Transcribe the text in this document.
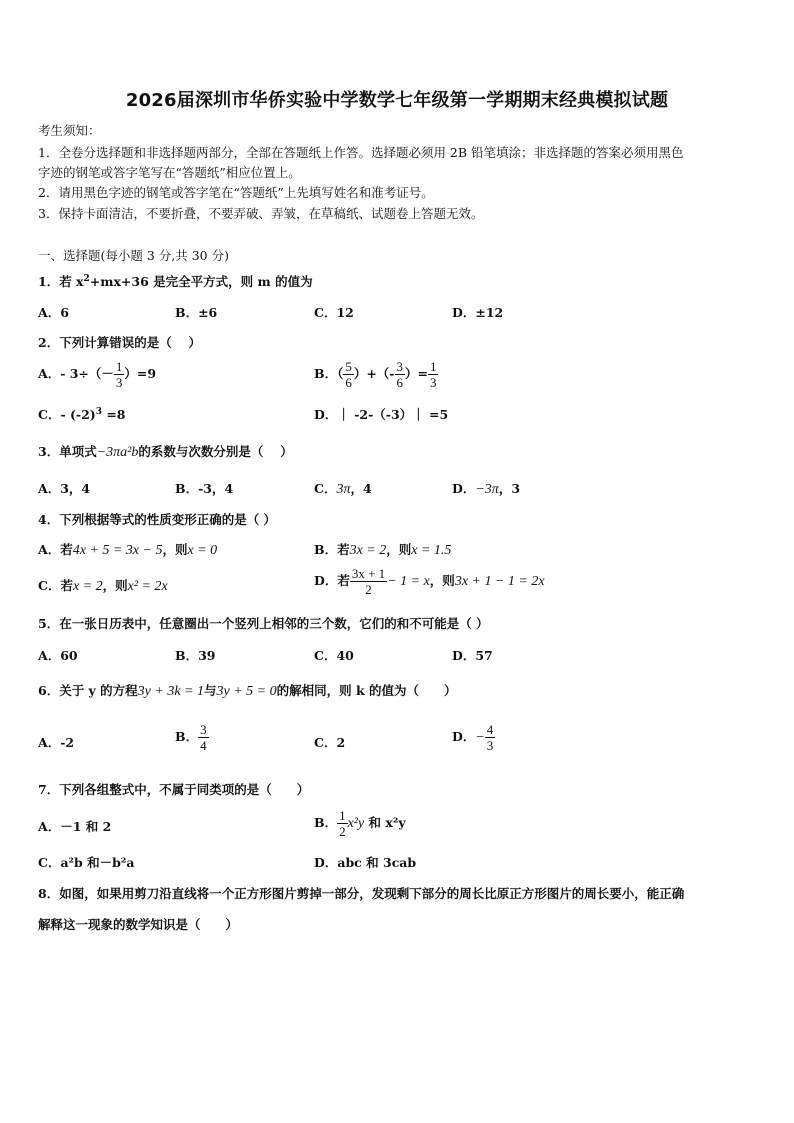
2026届深圳市华侨实验中学数学七年级第一学期期末经典模拟试题
考生须知：
1．全卷分选择题和非选择题两部分，全部在答题纸上作答。选择题必须用 2B 铅笔填涂；非选择题的答案必须用黑色
字迹的钢笔或答字笔写在“答题纸”相应位置上。
2．请用黑色字迹的钢笔或答字笔在“答题纸”上先填写姓名和准考证号。
3．保持卡面清洁，不要折叠，不要弄破、弄皱，在草稿纸、试题卷上答题无效。
一、选择题(每小题 3 分,共 30 分)
1．若 $x^2+mx+36$ 是完全平方式，则 m 的值为
A．6	B．±6	C．12	D．±12
2．下列计算错误的是（　 ）
A．- $3\div(- \frac{1}{3} )=9$	B．（ $\frac{5}{6}$ ）+（- $\frac{3}{6}$ ）= $\frac{1}{3}$
C．- $(-2)^3 =8$	D．｜ -2-（-3）｜ =5
3．单项式−3πa²b的系数与次数分别是（　 ）
A．3，4	B．-3，4	C．3π，4	D．−3π，3
4．下列根据等式的性质变形正确的是（ ）
A．若4x + 5 = 3x − 5，则x = 0	B．若3x = 2，则x = 1.5
C．若x = 2，则x² = 2x	D．若 $\frac{3x + 1}{2} - 1 = x$，则3x + 1 − 1 = 2x
5．在一张日历表中，任意圈出一个竖列上相邻的三个数，它们的和不可能是（ ）
A．60	B．39	C．40	D．57
6．关于 y 的方程3y + 3k = 1与3y + 5 = 0的解相同，则 k 的值为（　　）
A．-2	B． $\frac{3}{4}$	C．2	D．− $\frac{4}{3}$
7．下列各组整式中，不属于同类项的是（　　）
A．－1 和 2	B． $\frac{1}{2} x^2y$ 和 x²y
C．a²b 和－b²a	D．abc 和 3cab
8．如图，如果用剪刀沿直线将一个正方形图片剪掉一部分，发现剩下部分的周长比原正方形图片的周长要小，能正确
解释这一现象的数学知识是（　　）
